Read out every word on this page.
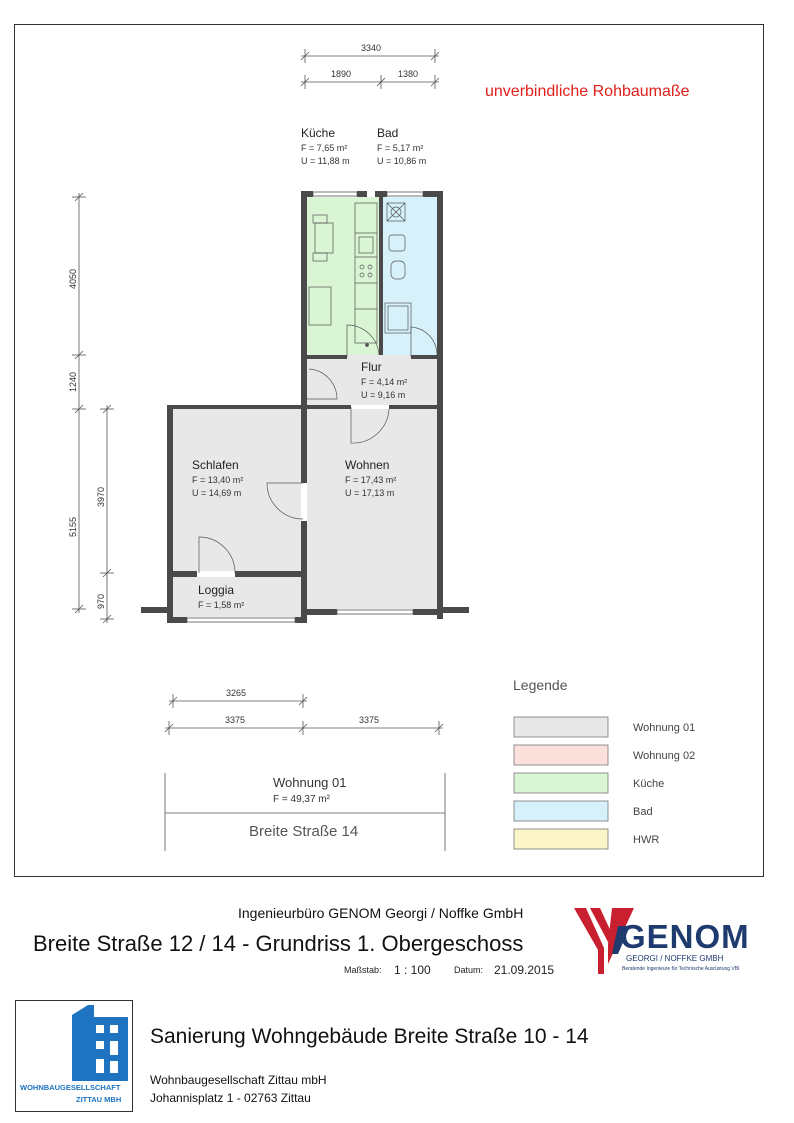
unverbindliche Rohbaumaße
3340
1890	1380
4050
1240
5155
3970
970
Küche	Bad
Flur
Schlafen	Wohnen
Loggia
F = 7,65 m²
U = 11,88 m
F = 5,17 m²
U = 10,86 m
F = 4,14 m²
U = 9,16 m
F = 13,40 m²
U = 14,69 m
F = 17,43 m²
U = 17,13 m
F = 1,58 m²
3265
3375	3375
Wohnung 01
F = 49,37 m²
Breite Straße 14
Legende
Wohnung 01
Wohnung 02
Küche
Bad
HWR
Ingenieurbüro GENOM Georgi / Noffke GmbH
Breite Straße 12 / 14 - Grundriss 1. Obergeschoss
Maßstab: 1 : 100	Datum: 21.09.2015
GENOM
GEORGI / NOFFKE GMBH
Beratende Ingenieure für Technische Ausrüstung VBI
WOHNBAUGESELLSCHAFT
ZITTAU MBH
Sanierung Wohngebäude Breite Straße 10 - 14
Wohnbaugesellschaft Zittau mbH
Johannisplatz 1 - 02763 Zittau
